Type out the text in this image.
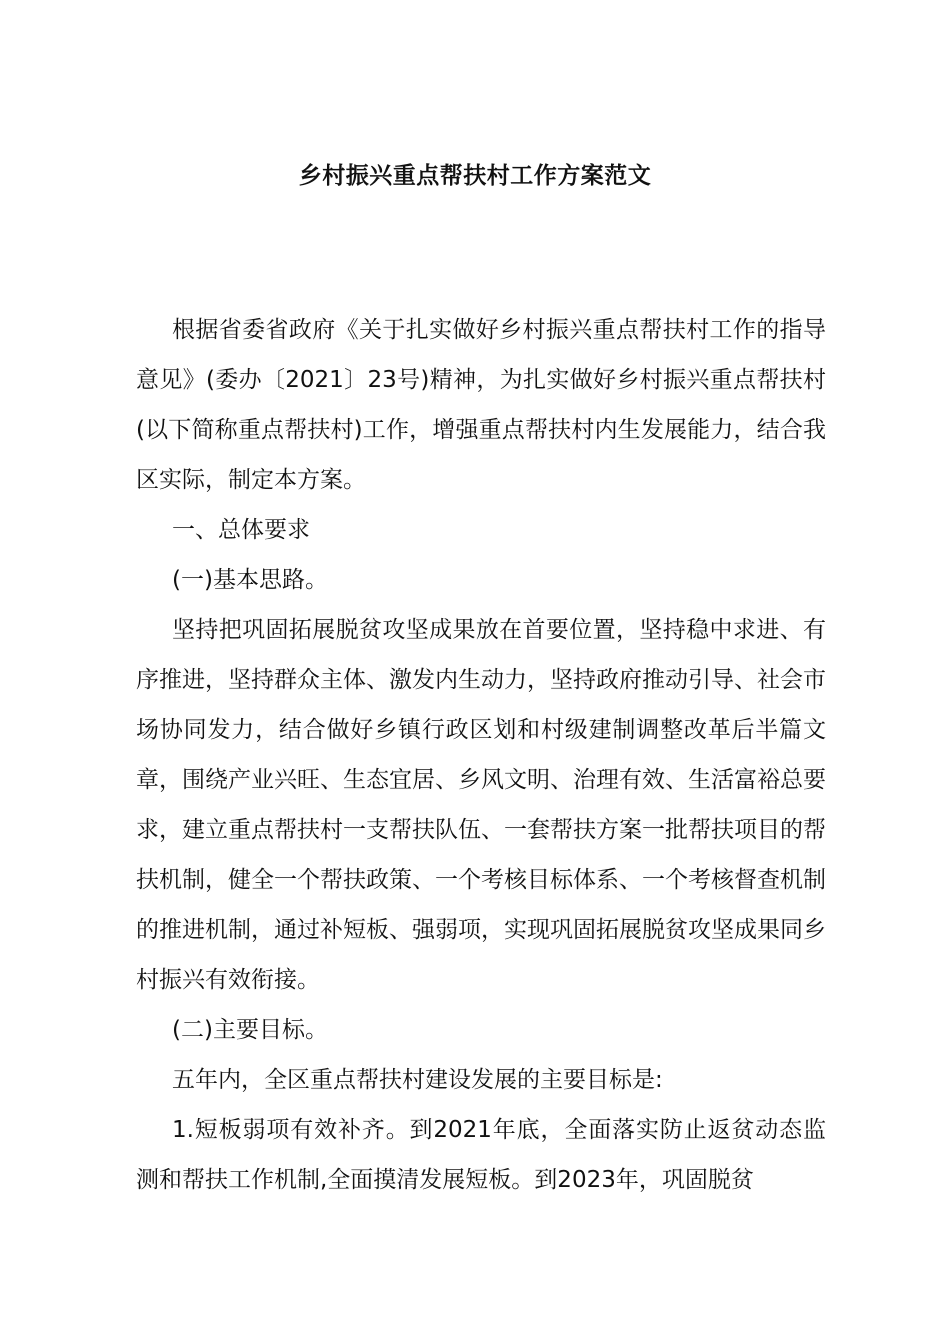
乡村振兴重点帮扶村工作方案范文

根据省委省政府《关于扎实做好乡村振兴重点帮扶村工作的指导意见》(委办〔2021〕23号)精神，为扎实做好乡村振兴重点帮扶村(以下简称重点帮扶村)工作，增强重点帮扶村内生发展能力，结合我区实际，制定本方案。

一、总体要求

(一)基本思路。

坚持把巩固拓展脱贫攻坚成果放在首要位置，坚持稳中求进、有序推进，坚持群众主体、激发内生动力，坚持政府推动引导、社会市场协同发力，结合做好乡镇行政区划和村级建制调整改革后半篇文章，围绕产业兴旺、生态宜居、乡风文明、治理有效、生活富裕总要求，建立重点帮扶村一支帮扶队伍、一套帮扶方案一批帮扶项目的帮扶机制，健全一个帮扶政策、一个考核目标体系、一个考核督查机制的推进机制，通过补短板、强弱项，实现巩固拓展脱贫攻坚成果同乡村振兴有效衔接。

(二)主要目标。

五年内，全区重点帮扶村建设发展的主要目标是:

1.短板弱项有效补齐。到2021年底，全面落实防止返贫动态监测和帮扶工作机制,全面摸清发展短板。到2023年，巩固脱贫
